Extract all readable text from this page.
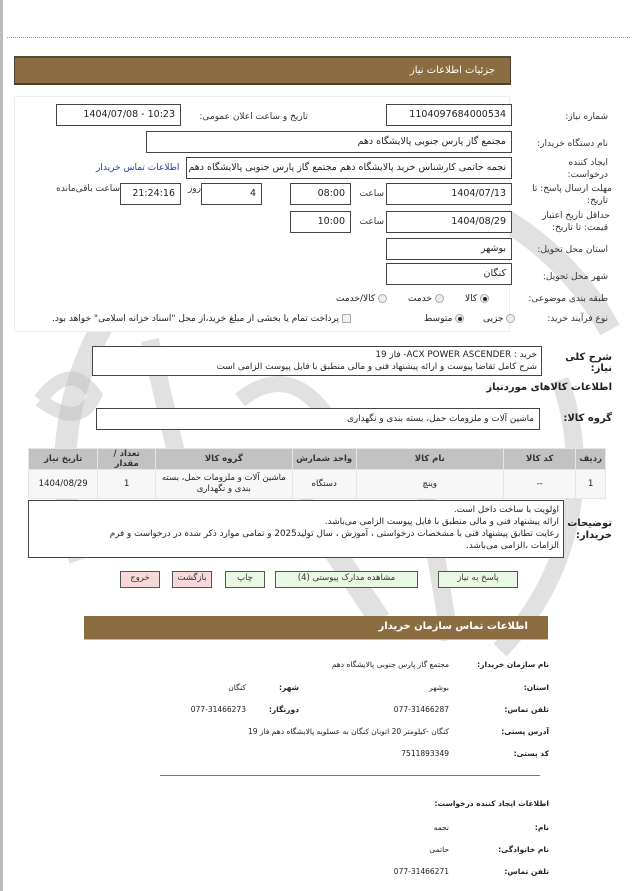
جزئیات اطلاعات نیاز
شماره نیاز:
1104097684000534
تاریخ و ساعت اعلان عمومی:
1404/07/08 - 10:23
نام دستگاه خریدار:
مجتمع گاز پارس جنوبی پالایشگاه دهم
ایجاد کننده
درخواست:
نجمه حاتمی کارشناس خرید پالایشگاه دهم مجتمع گاز پارس جنوبی پالایشگاه دهم
اطلاعات تماس خریدار
مهلت ارسال پاسخ: تا
تاریخ:
1404/07/13
ساعت
08:00
4
روز
21:24:16
ساعت باقی‌مانده
حداقل تاریخ اعتبار
قیمت: تا تاریخ:
1404/08/29
ساعت
10:00
استان محل تحویل:
بوشهر
شهر محل تحویل:
کنگان
طبقه بندی موضوعی:
کالا
خدمت
کالا/خدمت
نوع فرآیند خرید:
جزیی
متوسط
پرداخت تمام یا بخشی از مبلغ خرید،از محل "اسناد خزانه اسلامی" خواهد بود.
شرح کلی نیاز:
خرید : ACX POWER ASCENDER- فاز 19
شرح کامل تقاضا پیوست و ارائه پیشنهاد فنی و مالی منطبق با فایل پیوست الزامی است
اطلاعات کالاهای موردنیاز
گروه کالا:
ماشین آلات و ملزومات حمل، بسته بندی و نگهداری
ردیف	کد کالا	نام کالا	واحد شمارش	گروه کالا	تعداد / مقدار	تاریخ نیاز
1	--	وینچ	دستگاه	ماشین آلات و ملزومات حمل، بسته بندی و نگهداری	1	1404/08/29
توضیحات
خریدار:
اولویت با ساخت داخل است.
ارائه پیشنهاد فنی و مالی منطبق با فایل پیوست الزامی می‌باشد.
رعایت تطابق پیشنهاد فنی با مشخصات درخواستی ، آموزش ، سال تولید2025 و تمامی موارد ذکر شده در درخواست و فرم
الزامات ،الزامی می‌باشد.
پاسخ به نیاز
مشاهده مدارک پیوستی (4)
چاپ
بازگشت
خروج
اطلاعات تماس سازمان خریدار
نام سازمان خریدار:
مجتمع گاز پارس جنوبی پالایشگاه دهم
استان:
بوشهر
شهر:
کنگان
تلفن تماس:
077-31466287
دورنگار:
077-31466273
آدرس پستی:
کنگان -کیلومتر 20 اتوبان کنگان به عسلویه پالایشگاه دهم فاز 19
کد پستی:
7511893349
اطلاعات ایجاد کننده درخواست:
نام:
نجمه
نام خانوادگی:
حاتمی
تلفن تماس:
077-31466271
